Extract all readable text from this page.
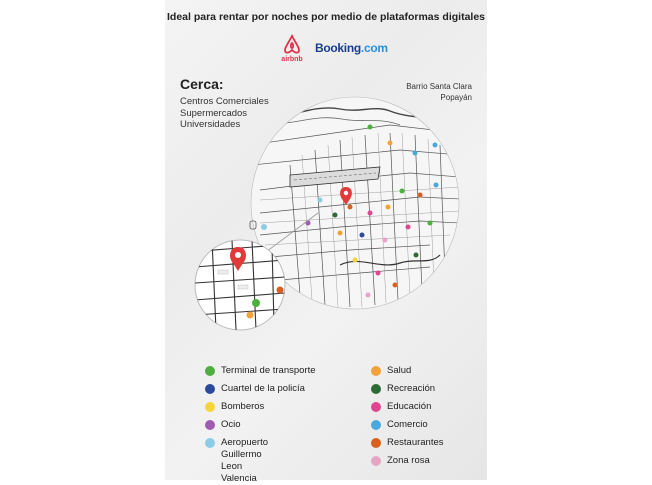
Ideal para rentar por noches por medio de plataformas digitales
airbnb
Booking.com
Cerca:
Centros Comerciales
Supermercados
Universidades
Barrio Santa Clara
Popayán
Terminal de transporte
Cuartel de la policía
Bomberos
Ocio
Aeropuerto Guillermo
Leon Valencia
Salud
Recreación
Educación
Comercio
Restaurantes
Zona rosa
